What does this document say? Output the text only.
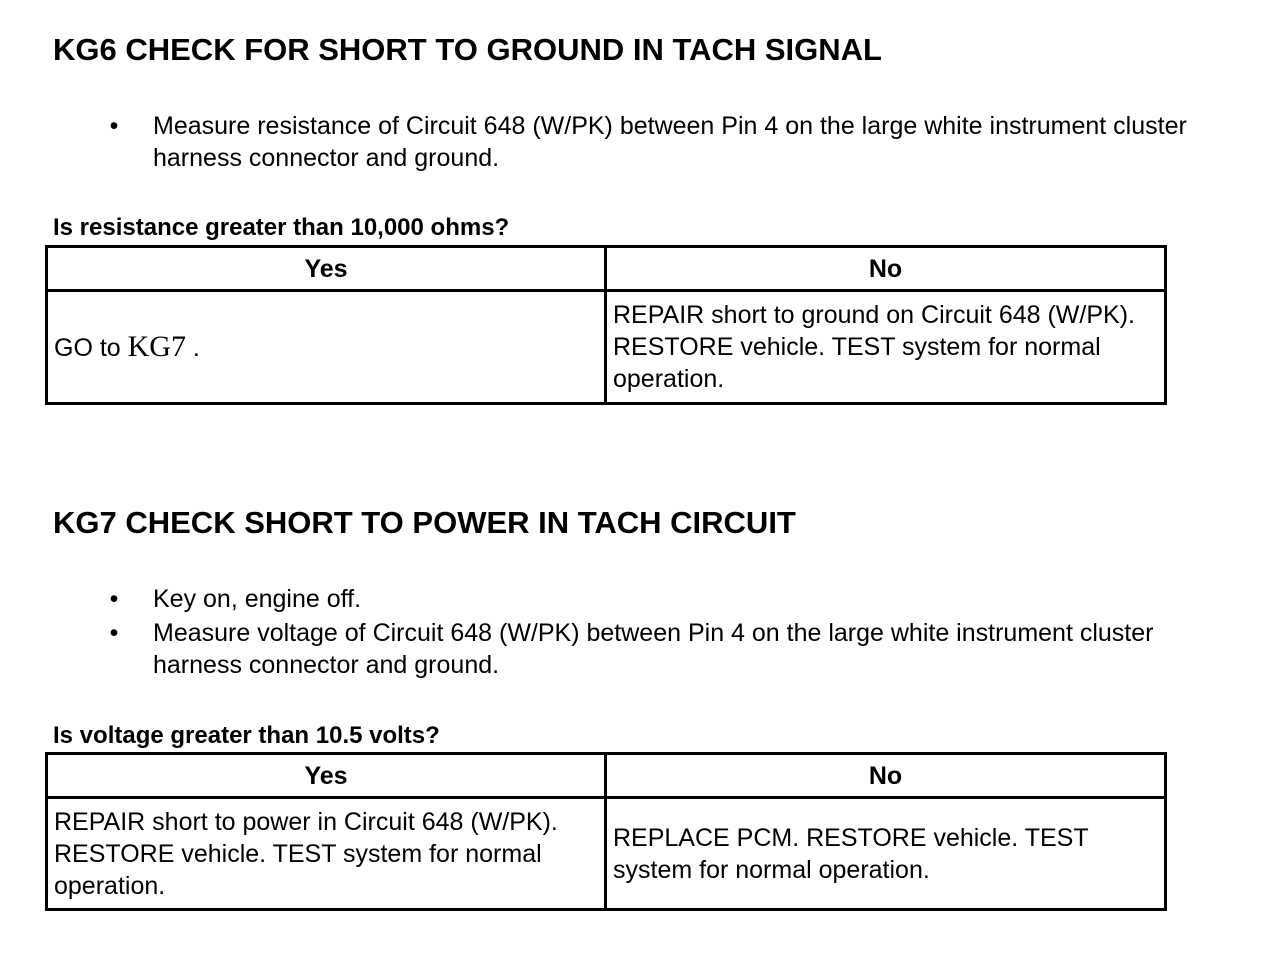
KG6 CHECK FOR SHORT TO GROUND IN TACH SIGNAL
• Measure resistance of Circuit 648 (W/PK) between Pin 4 on the large white instrument cluster harness connector and ground.

Is resistance greater than 10,000 ohms?

Yes	No
GO to KG7 .	REPAIR short to ground on Circuit 648 (W/PK). RESTORE vehicle. TEST system for normal operation.
KG7 CHECK SHORT TO POWER IN TACH CIRCUIT
• Key on, engine off.
• Measure voltage of Circuit 648 (W/PK) between Pin 4 on the large white instrument cluster harness connector and ground.

Is voltage greater than 10.5 volts?

Yes	No
REPAIR short to power in Circuit 648 (W/PK). RESTORE vehicle. TEST system for normal operation.	REPLACE PCM. RESTORE vehicle. TEST system for normal operation.
